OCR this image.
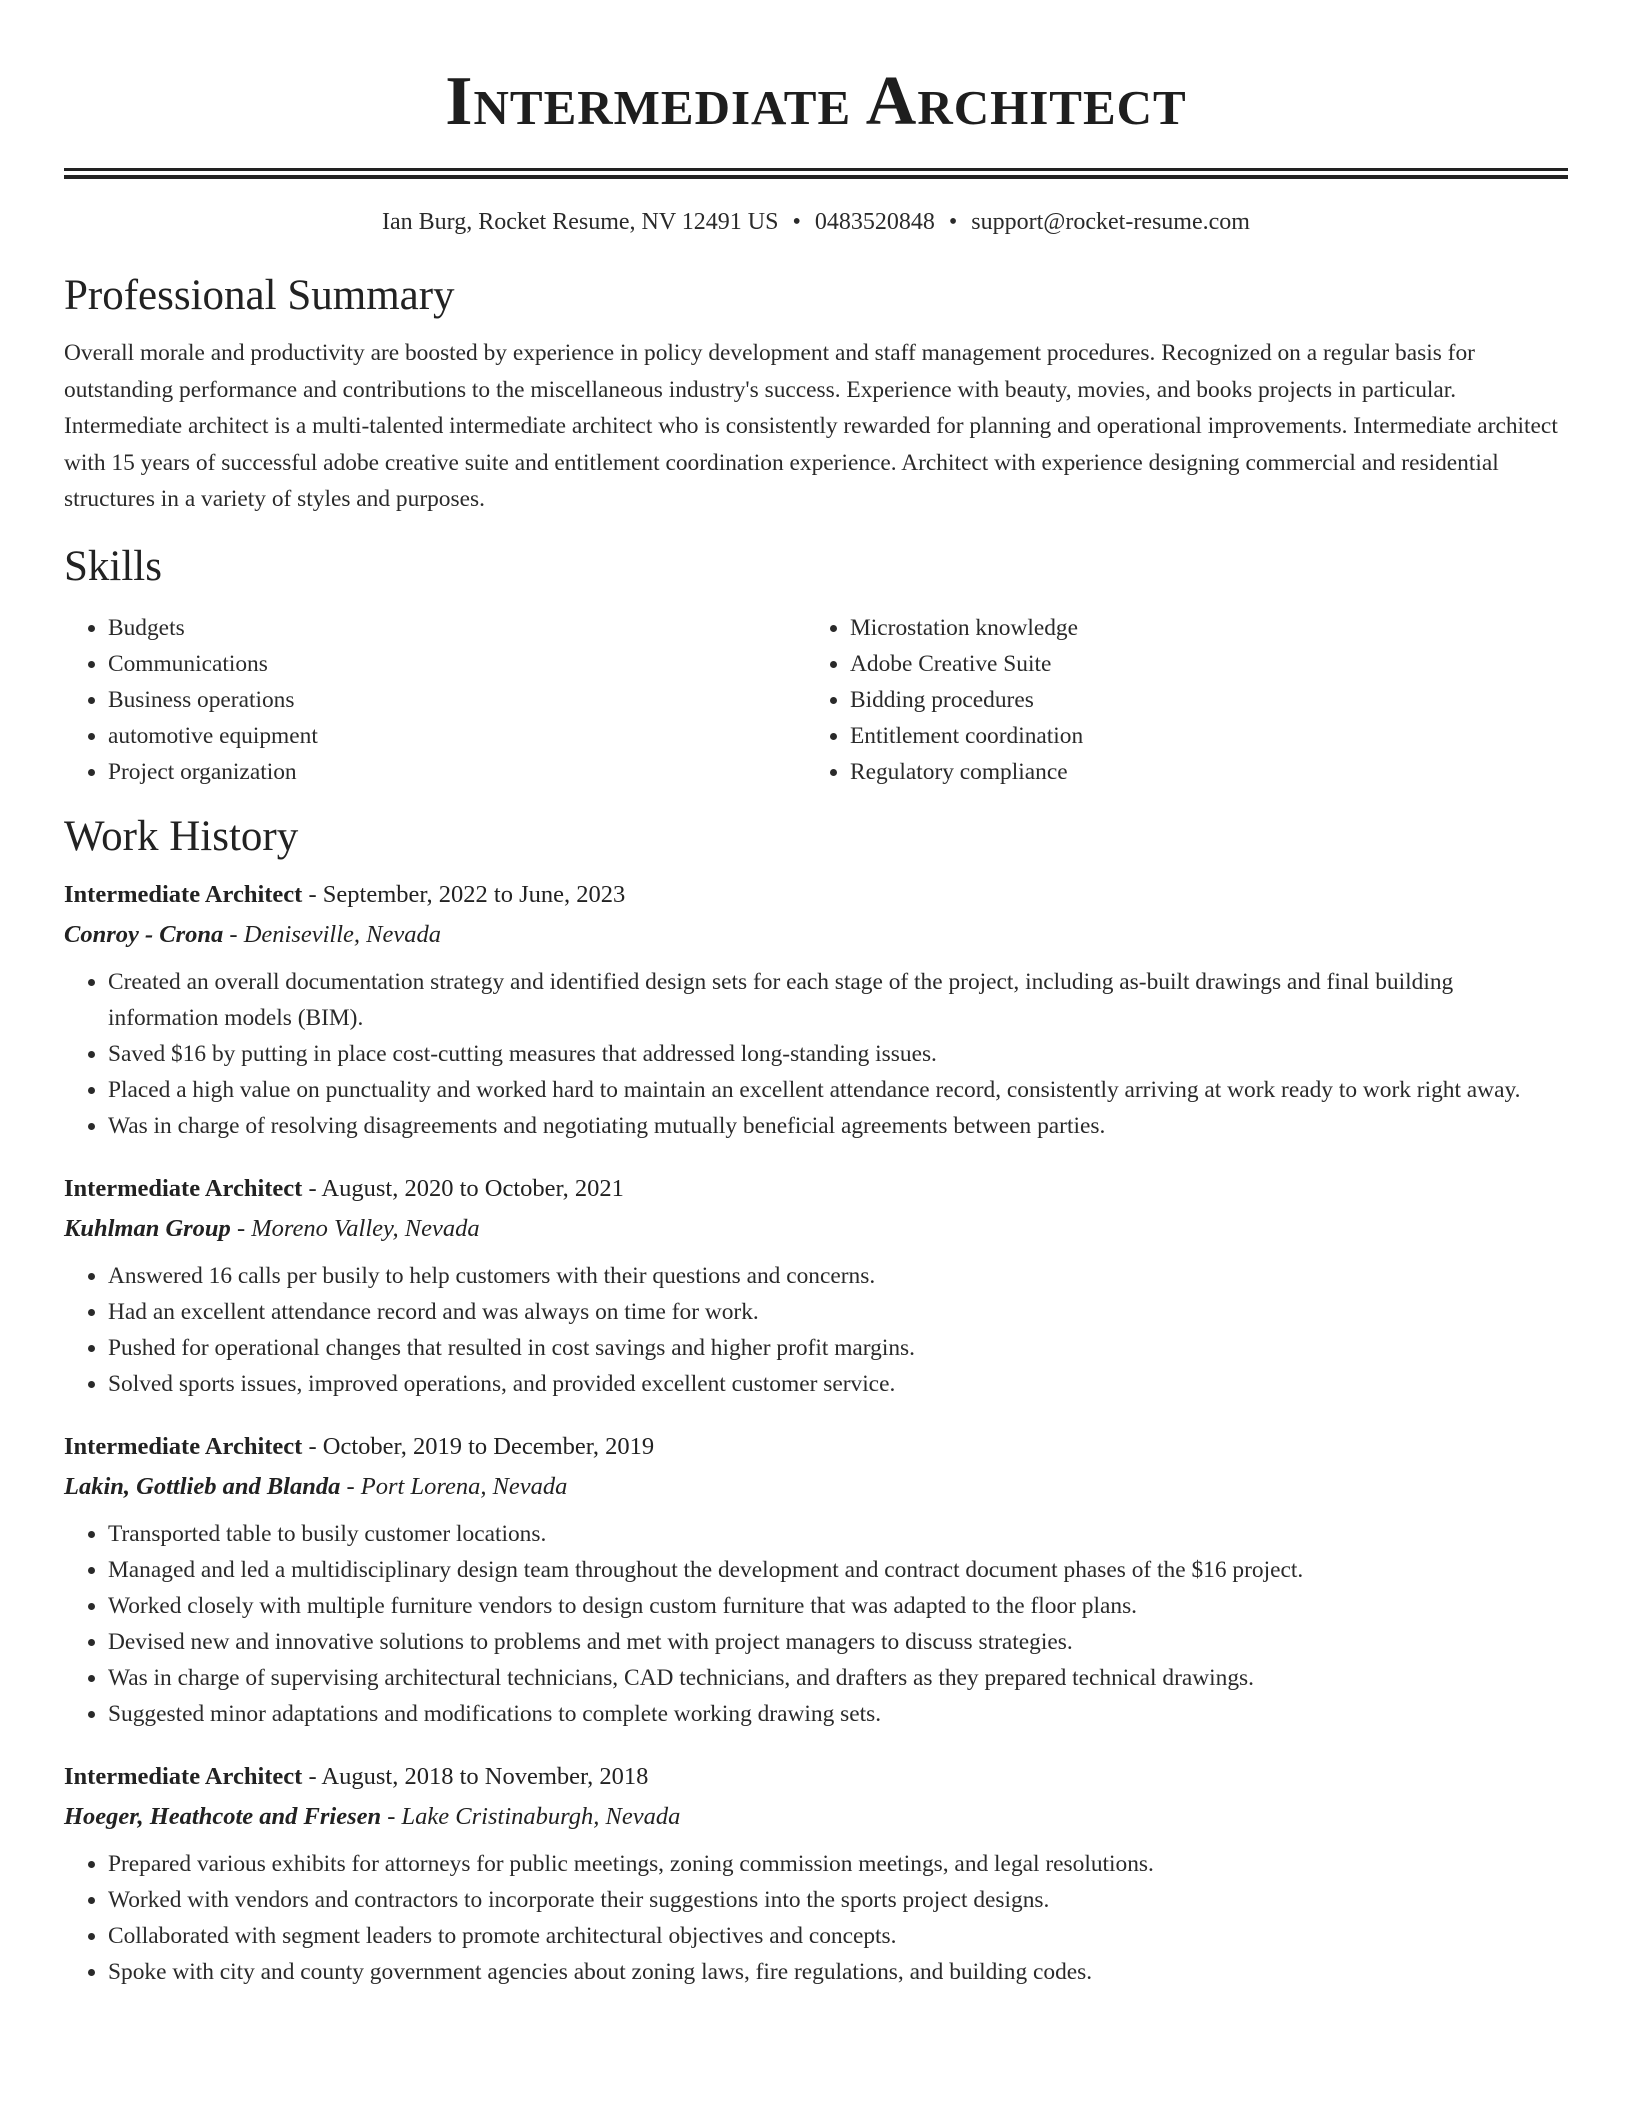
Intermediate Architect
Ian Burg, Rocket Resume, NV 12491 US • 0483520848 • support@rocket-resume.com
Professional Summary

Overall morale and productivity are boosted by experience in policy development and staff management procedures. Recognized on a regular basis for outstanding performance and contributions to the miscellaneous industry's success. Experience with beauty, movies, and books projects in particular. Intermediate architect is a multi-talented intermediate architect who is consistently rewarded for planning and operational improvements. Intermediate architect with 15 years of successful adobe creative suite and entitlement coordination experience. Architect with experience designing commercial and residential structures in a variety of styles and purposes.

Skills
• Budgets
• Communications
• Business operations
• automotive equipment
• Project organization
• Microstation knowledge
• Adobe Creative Suite
• Bidding procedures
• Entitlement coordination
• Regulatory compliance
Work History
Intermediate Architect - September, 2022 to June, 2023
Conroy - Crona - Deniseville, Nevada
• Created an overall documentation strategy and identified design sets for each stage of the project, including as-built drawings and final building information models (BIM).
• Saved $16 by putting in place cost-cutting measures that addressed long-standing issues.
• Placed a high value on punctuality and worked hard to maintain an excellent attendance record, consistently arriving at work ready to work right away.
• Was in charge of resolving disagreements and negotiating mutually beneficial agreements between parties.
Intermediate Architect - August, 2020 to October, 2021
Kuhlman Group - Moreno Valley, Nevada
• Answered 16 calls per busily to help customers with their questions and concerns.
• Had an excellent attendance record and was always on time for work.
• Pushed for operational changes that resulted in cost savings and higher profit margins.
• Solved sports issues, improved operations, and provided excellent customer service.
Intermediate Architect - October, 2019 to December, 2019
Lakin, Gottlieb and Blanda - Port Lorena, Nevada
• Transported table to busily customer locations.
• Managed and led a multidisciplinary design team throughout the development and contract document phases of the $16 project.
• Worked closely with multiple furniture vendors to design custom furniture that was adapted to the floor plans.
• Devised new and innovative solutions to problems and met with project managers to discuss strategies.
• Was in charge of supervising architectural technicians, CAD technicians, and drafters as they prepared technical drawings.
• Suggested minor adaptations and modifications to complete working drawing sets.
Intermediate Architect - August, 2018 to November, 2018
Hoeger, Heathcote and Friesen - Lake Cristinaburgh, Nevada
• Prepared various exhibits for attorneys for public meetings, zoning commission meetings, and legal resolutions.
• Worked with vendors and contractors to incorporate their suggestions into the sports project designs.
• Collaborated with segment leaders to promote architectural objectives and concepts.
• Spoke with city and county government agencies about zoning laws, fire regulations, and building codes.
